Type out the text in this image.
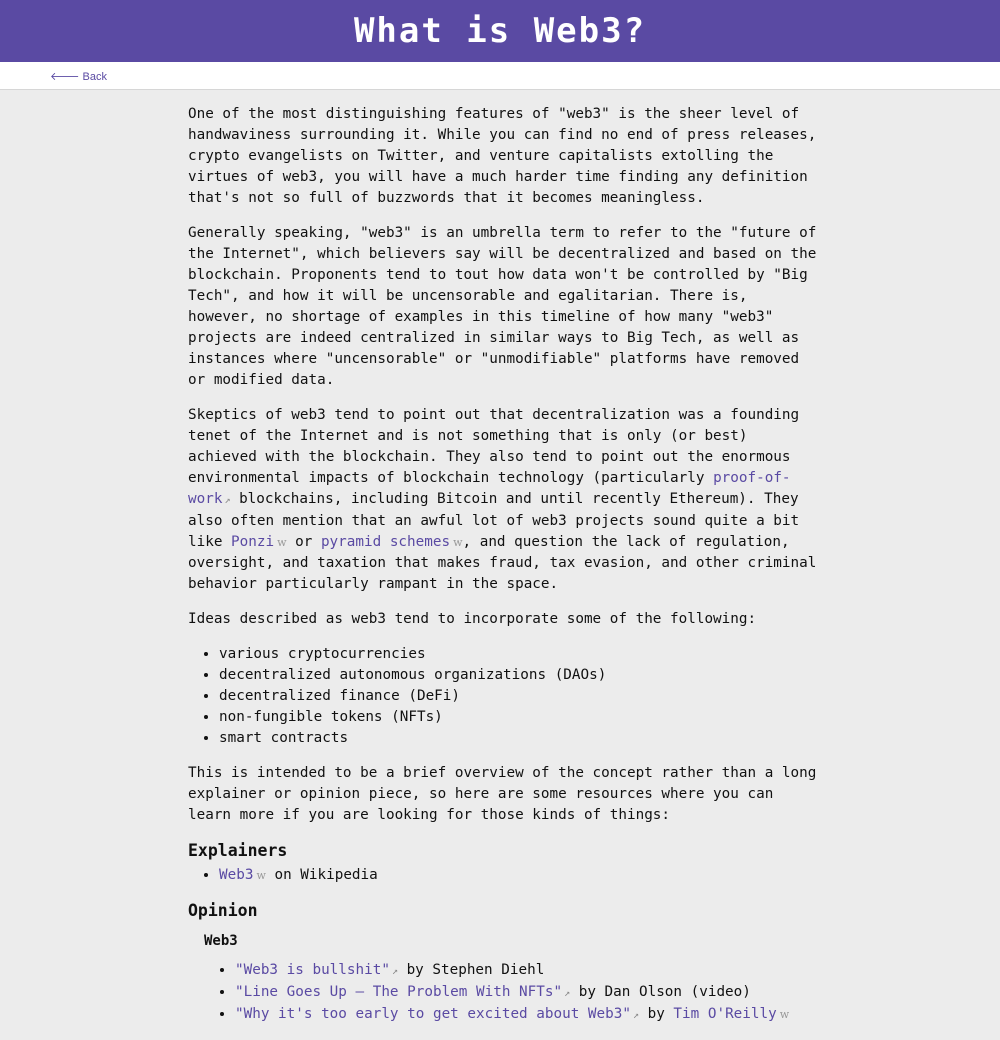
What is Web3?
🡐 Back

One of the most distinguishing features of "web3" is the sheer level of handwaviness surrounding it. While you can find no end of press releases, crypto evangelists on Twitter, and venture capitalists extolling the virtues of web3, you will have a much harder time finding any definition that's not so full of buzzwords that it becomes meaningless.

Generally speaking, "web3" is an umbrella term to refer to the "future of the Internet", which believers say will be decentralized and based on the blockchain. Proponents tend to tout how data won't be controlled by "Big Tech", and how it will be uncensorable and egalitarian. There is, however, no shortage of examples in this timeline of how many "web3" projects are indeed centralized in similar ways to Big Tech, as well as instances where "uncensorable" or "unmodifiable" platforms have removed or modified data.

Skeptics of web3 tend to point out that decentralization was a founding tenet of the Internet and is not something that is only (or best) achieved with the blockchain. They also tend to point out the enormous environmental impacts of blockchain technology (particularly proof-of-work ↗ blockchains, including Bitcoin and until recently Ethereum). They also often mention that an awful lot of web3 projects sound quite a bit like Ponzi w or pyramid schemes w, and question the lack of regulation, oversight, and taxation that makes fraud, tax evasion, and other criminal behavior particularly rampant in the space.

Ideas described as web3 tend to incorporate some of the following:

• various cryptocurrencies
• decentralized autonomous organizations (DAOs)
• decentralized finance (DeFi)
• non-fungible tokens (NFTs)
• smart contracts

This is intended to be a brief overview of the concept rather than a long explainer or opinion piece, so here are some resources where you can learn more if you are looking for those kinds of things:

Explainers
• Web3 w on Wikipedia
Opinion
Web3
• "Web3 is bullshit" ↗ by Stephen Diehl
• "Line Goes Up – The Problem With NFTs" ↗ by Dan Olson (video)
• "Why it's too early to get excited about Web3" ↗ by Tim O'Reilly w
